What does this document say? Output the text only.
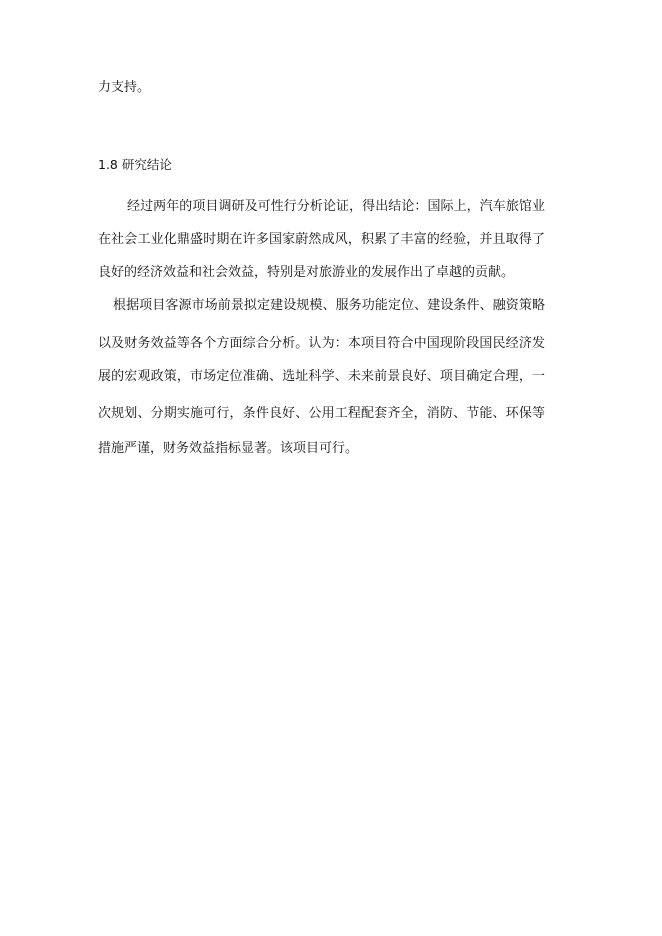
力支持。
1.8 研究结论
经过两年的项目调研及可性行分析论证，得出结论：国际上，汽车旅馆业
在社会工业化鼎盛时期在许多国家蔚然成风，积累了丰富的经验，并且取得了
良好的经济效益和社会效益，特别是对旅游业的发展作出了卓越的贡献。
根据项目客源市场前景拟定建设规模、服务功能定位、建设条件、融资策略
以及财务效益等各个方面综合分析。认为：本项目符合中国现阶段国民经济发
展的宏观政策，市场定位准确、选址科学、未来前景良好、项目确定合理，一
次规划、分期实施可行，条件良好、公用工程配套齐全，消防、节能、环保等
措施严谨，财务效益指标显著。该项目可行。
